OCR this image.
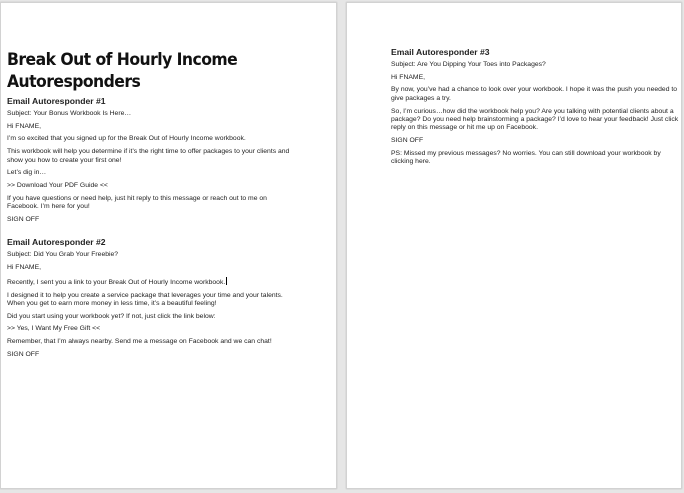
Break Out of Hourly Income Autoresponders
Email Autoresponder #1

Subject: Your Bonus Workbook Is Here…

Hi FNAME,

I’m so excited that you signed up for the Break Out of Hourly Income workbook.

This workbook will help you determine if it’s the right time to offer packages to your clients and show you how to create your first one!

Let’s dig in…

>> Download Your PDF Guide <<

If you have questions or need help, just hit reply to this message or reach out to me on Facebook. I’m here for you!

SIGN OFF

Email Autoresponder #2

Subject: Did You Grab Your Freebie?

Hi FNAME,

Recently, I sent you a link to your Break Out of Hourly Income workbook.

I designed it to help you create a service package that leverages your time and your talents. When you get to earn more money in less time, it’s a beautiful feeling!

Did you start using your workbook yet? If not, just click the link below:

>> Yes, I Want My Free Gift <<

Remember, that I’m always nearby. Send me a message on Facebook and we can chat!

SIGN OFF

Email Autoresponder #3

Subject: Are You Dipping Your Toes into Packages?

Hi FNAME,

By now, you’ve had a chance to look over your workbook. I hope it was the push you needed to give packages a try.

So, I’m curious…how did the workbook help you? Are you talking with potential clients about a package? Do you need help brainstorming a package? I’d love to hear your feedback! Just click reply on this message or hit me up on Facebook.

SIGN OFF

PS: Missed my previous messages? No worries. You can still download your workbook by clicking here.
